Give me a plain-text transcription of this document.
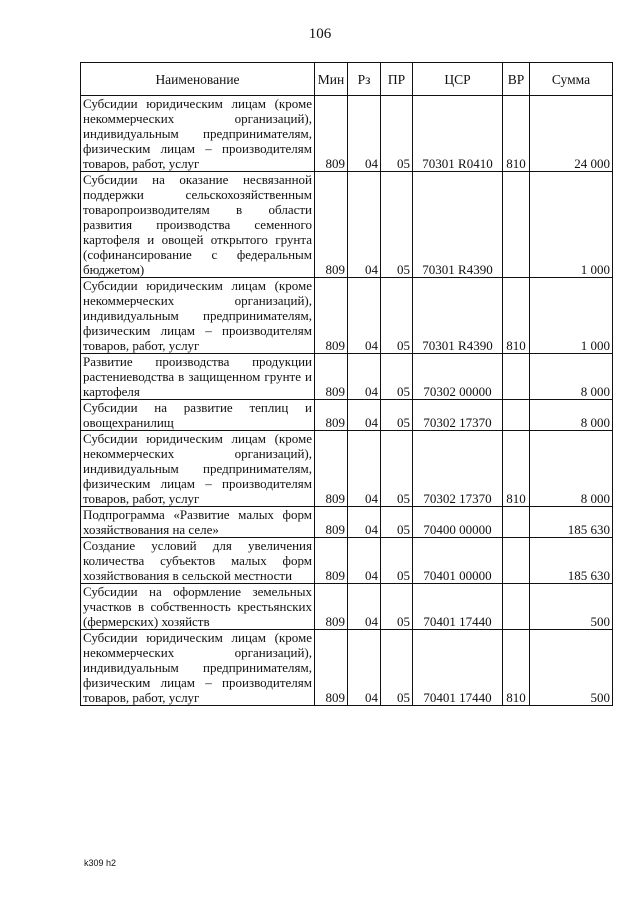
106
Наименование	Мин	Рз	ПР	ЦСР	ВР	Сумма
Субсидии юридическим лицам (кроме некоммерческих организаций), индивидуальным предпринимателям, физическим лицам – производителям товаров, работ, услуг	809	04	05	70301 R0410	810	24 000
Субсидии на оказание несвязанной поддержки сельскохозяйственным товаропроизводителям в области развития производства семенного картофеля и овощей открытого грунта (софинансирование с федеральным бюджетом)	809	04	05	70301 R4390		1 000
Субсидии юридическим лицам (кроме некоммерческих организаций), индивидуальным предпринимателям, физическим лицам – производителям товаров, работ, услуг	809	04	05	70301 R4390	810	1 000
Развитие производства продукции растениеводства в защищенном грунте и картофеля	809	04	05	70302 00000		8 000
Субсидии на развитие теплиц и овощехранилищ	809	04	05	70302 17370		8 000
Субсидии юридическим лицам (кроме некоммерческих организаций), индивидуальным предпринимателям, физическим лицам – производителям товаров, работ, услуг	809	04	05	70302 17370	810	8 000
Подпрограмма «Развитие малых форм хозяйствования на селе»	809	04	05	70400 00000		185 630
Создание условий для увеличения количества субъектов малых форм хозяйствования в сельской местности	809	04	05	70401 00000		185 630
Субсидии на оформление земельных участков в собственность крестьянских (фермерских) хозяйств	809	04	05	70401 17440		500
Субсидии юридическим лицам (кроме некоммерческих организаций), индивидуальным предпринимателям, физическим лицам – производителям товаров, работ, услуг	809	04	05	70401 17440	810	500
k309 h2
